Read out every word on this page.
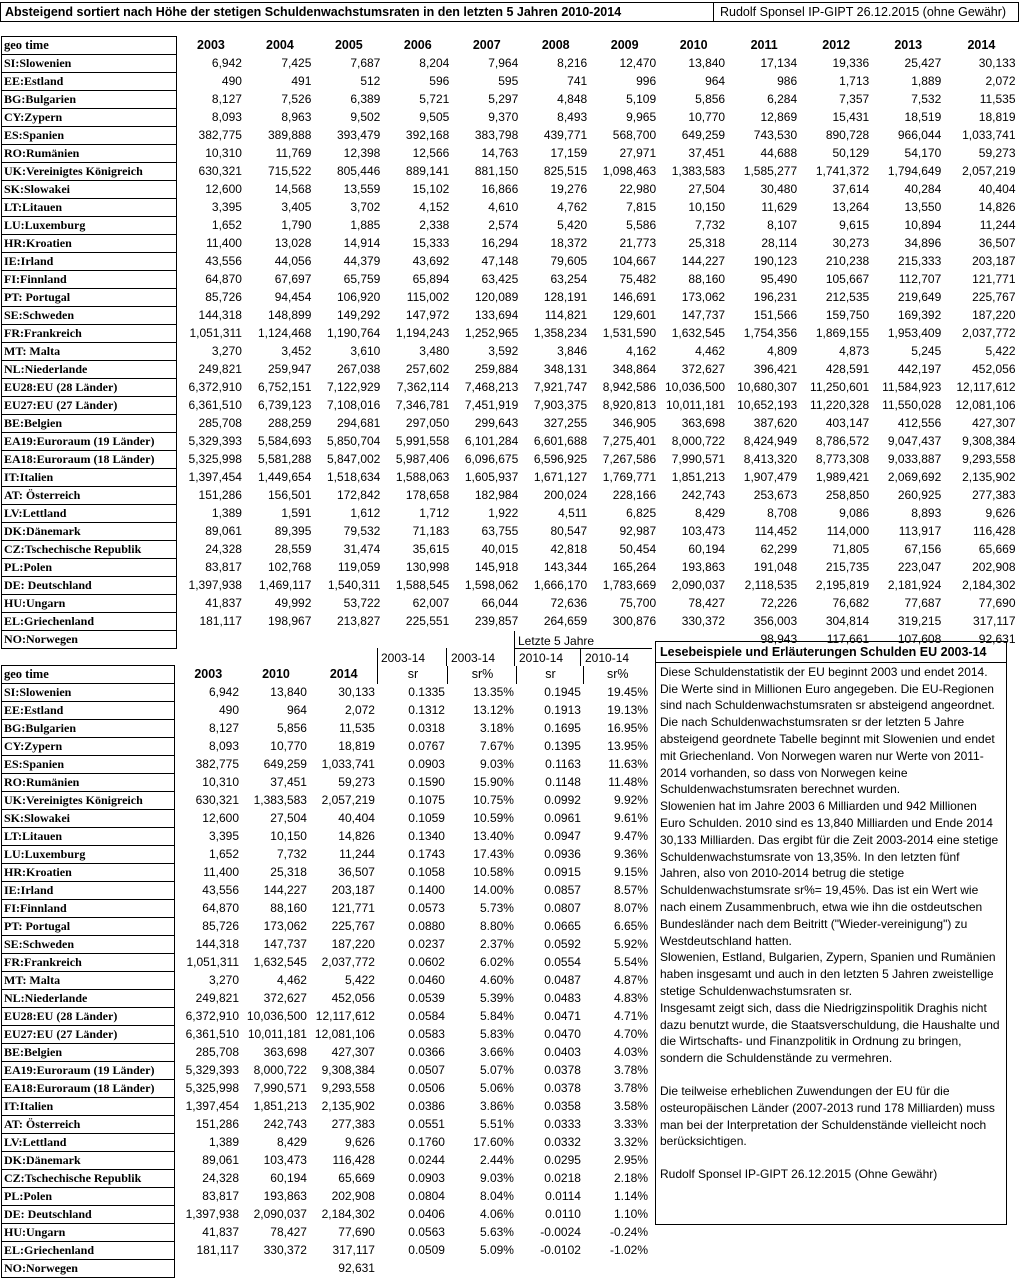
Absteigend sortiert nach Höhe der stetigen Schuldenwachstumsraten in den letzten 5 Jahren 2010-2014	Rudolf Sponsel IP-GIPT 26.12.2015 (ohne Gewähr)
geo time	2003	2004	2005	2006	2007	2008	2009	2010	2011	2012	2013	2014
SI:Slowenien	6,942	7,425	7,687	8,204	7,964	8,216	12,470	13,840	17,134	19,336	25,427	30,133
EE:Estland	490	491	512	596	595	741	996	964	986	1,713	1,889	2,072
BG:Bulgarien	8,127	7,526	6,389	5,721	5,297	4,848	5,109	5,856	6,284	7,357	7,532	11,535
CY:Zypern	8,093	8,963	9,502	9,505	9,370	8,493	9,965	10,770	12,869	15,431	18,519	18,819
ES:Spanien	382,775	389,888	393,479	392,168	383,798	439,771	568,700	649,259	743,530	890,728	966,044	1,033,741
RO:Rumänien	10,310	11,769	12,398	12,566	14,763	17,159	27,971	37,451	44,688	50,129	54,170	59,273
UK:Vereinigtes Königreich	630,321	715,522	805,446	889,141	881,150	825,515	1,098,463	1,383,583	1,585,277	1,741,372	1,794,649	2,057,219
SK:Slowakei	12,600	14,568	13,559	15,102	16,866	19,276	22,980	27,504	30,480	37,614	40,284	40,404
LT:Litauen	3,395	3,405	3,702	4,152	4,610	4,762	7,815	10,150	11,629	13,264	13,550	14,826
LU:Luxemburg	1,652	1,790	1,885	2,338	2,574	5,420	5,586	7,732	8,107	9,615	10,894	11,244
HR:Kroatien	11,400	13,028	14,914	15,333	16,294	18,372	21,773	25,318	28,114	30,273	34,896	36,507
IE:Irland	43,556	44,056	44,379	43,692	47,148	79,605	104,667	144,227	190,123	210,238	215,333	203,187
FI:Finnland	64,870	67,697	65,759	65,894	63,425	63,254	75,482	88,160	95,490	105,667	112,707	121,771
PT: Portugal	85,726	94,454	106,920	115,002	120,089	128,191	146,691	173,062	196,231	212,535	219,649	225,767
SE:Schweden	144,318	148,899	149,292	147,972	133,694	114,821	129,601	147,737	151,566	159,750	169,392	187,220
FR:Frankreich	1,051,311	1,124,468	1,190,764	1,194,243	1,252,965	1,358,234	1,531,590	1,632,545	1,754,356	1,869,155	1,953,409	2,037,772
MT: Malta	3,270	3,452	3,610	3,480	3,592	3,846	4,162	4,462	4,809	4,873	5,245	5,422
NL:Niederlande	249,821	259,947	267,038	257,602	259,884	348,131	348,864	372,627	396,421	428,591	442,197	452,056
EU28:EU (28 Länder)	6,372,910	6,752,151	7,122,929	7,362,114	7,468,213	7,921,747	8,942,586	10,036,500	10,680,307	11,250,601	11,584,923	12,117,612
EU27:EU (27 Länder)	6,361,510	6,739,123	7,108,016	7,346,781	7,451,919	7,903,375	8,920,813	10,011,181	10,652,193	11,220,328	11,550,028	12,081,106
BE:Belgien	285,708	288,259	294,681	297,050	299,643	327,255	346,905	363,698	387,620	403,147	412,556	427,307
EA19:Euroraum (19 Länder)	5,329,393	5,584,693	5,850,704	5,991,558	6,101,284	6,601,688	7,275,401	8,000,722	8,424,949	8,786,572	9,047,437	9,308,384
EA18:Euroraum (18 Länder)	5,325,998	5,581,288	5,847,002	5,987,406	6,096,675	6,596,925	7,267,586	7,990,571	8,413,320	8,773,308	9,033,887	9,293,558
IT:Italien	1,397,454	1,449,654	1,518,634	1,588,063	1,605,937	1,671,127	1,769,771	1,851,213	1,907,479	1,989,421	2,069,692	2,135,902
AT: Österreich	151,286	156,501	172,842	178,658	182,984	200,024	228,166	242,743	253,673	258,850	260,925	277,383
LV:Lettland	1,389	1,591	1,612	1,712	1,922	4,511	6,825	8,429	8,708	9,086	8,893	9,626
DK:Dänemark	89,061	89,395	79,532	71,183	63,755	80,547	92,987	103,473	114,452	114,000	113,917	116,428
CZ:Tschechische Republik	24,328	28,559	31,474	35,615	40,015	42,818	50,454	60,194	62,299	71,805	67,156	65,669
PL:Polen	83,817	102,768	119,059	130,998	145,918	143,344	165,264	193,863	191,048	215,735	223,047	202,908
DE: Deutschland	1,397,938	1,469,117	1,540,311	1,588,545	1,598,062	1,666,170	1,783,669	2,090,037	2,118,535	2,195,819	2,181,924	2,184,302
HU:Ungarn	41,837	49,992	53,722	62,007	66,044	72,636	75,700	78,427	72,226	76,682	77,687	77,690
EL:Griechenland	181,117	198,967	213,827	225,551	239,857	264,659	300,876	330,372	356,003	304,814	319,215	317,117
NO:Norwegen									98,943	117,661	107,608	92,631
Letzte 5 Jahre
2003-14 2003-14 2010-14 2010-14
geo time	2003	2010	2014	sr	sr%	sr	sr%
SI:Slowenien	6,942	13,840	30,133	0.1335	13.35%	0.1945	19.45%
EE:Estland	490	964	2,072	0.1312	13.12%	0.1913	19.13%
BG:Bulgarien	8,127	5,856	11,535	0.0318	3.18%	0.1695	16.95%
CY:Zypern	8,093	10,770	18,819	0.0767	7.67%	0.1395	13.95%
ES:Spanien	382,775	649,259	1,033,741	0.0903	9.03%	0.1163	11.63%
RO:Rumänien	10,310	37,451	59,273	0.1590	15.90%	0.1148	11.48%
UK:Vereinigtes Königreich	630,321	1,383,583	2,057,219	0.1075	10.75%	0.0992	9.92%
SK:Slowakei	12,600	27,504	40,404	0.1059	10.59%	0.0961	9.61%
LT:Litauen	3,395	10,150	14,826	0.1340	13.40%	0.0947	9.47%
LU:Luxemburg	1,652	7,732	11,244	0.1743	17.43%	0.0936	9.36%
HR:Kroatien	11,400	25,318	36,507	0.1058	10.58%	0.0915	9.15%
IE:Irland	43,556	144,227	203,187	0.1400	14.00%	0.0857	8.57%
FI:Finnland	64,870	88,160	121,771	0.0573	5.73%	0.0807	8.07%
PT: Portugal	85,726	173,062	225,767	0.0880	8.80%	0.0665	6.65%
SE:Schweden	144,318	147,737	187,220	0.0237	2.37%	0.0592	5.92%
FR:Frankreich	1,051,311	1,632,545	2,037,772	0.0602	6.02%	0.0554	5.54%
MT: Malta	3,270	4,462	5,422	0.0460	4.60%	0.0487	4.87%
NL:Niederlande	249,821	372,627	452,056	0.0539	5.39%	0.0483	4.83%
EU28:EU (28 Länder)	6,372,910	10,036,500	12,117,612	0.0584	5.84%	0.0471	4.71%
EU27:EU (27 Länder)	6,361,510	10,011,181	12,081,106	0.0583	5.83%	0.0470	4.70%
BE:Belgien	285,708	363,698	427,307	0.0366	3.66%	0.0403	4.03%
EA19:Euroraum (19 Länder)	5,329,393	8,000,722	9,308,384	0.0507	5.07%	0.0378	3.78%
EA18:Euroraum (18 Länder)	5,325,998	7,990,571	9,293,558	0.0506	5.06%	0.0378	3.78%
IT:Italien	1,397,454	1,851,213	2,135,902	0.0386	3.86%	0.0358	3.58%
AT: Österreich	151,286	242,743	277,383	0.0551	5.51%	0.0333	3.33%
LV:Lettland	1,389	8,429	9,626	0.1760	17.60%	0.0332	3.32%
DK:Dänemark	89,061	103,473	116,428	0.0244	2.44%	0.0295	2.95%
CZ:Tschechische Republik	24,328	60,194	65,669	0.0903	9.03%	0.0218	2.18%
PL:Polen	83,817	193,863	202,908	0.0804	8.04%	0.0114	1.14%
DE: Deutschland	1,397,938	2,090,037	2,184,302	0.0406	4.06%	0.0110	1.10%
HU:Ungarn	41,837	78,427	77,690	0.0563	5.63%	-0.0024	-0.24%
EL:Griechenland	181,117	330,372	317,117	0.0509	5.09%	-0.0102	-1.02%
NO:Norwegen			92,631				
Lesebeispiele und Erläuterungen Schulden EU 2003-14

Diese Schuldenstatistik der EU beginnt 2003 und endet 2014. Die Werte sind in Millionen Euro angegeben. Die EU-Regionen sind nach Schuldenwachstumsraten sr absteigend angeordnet.

Die nach Schuldenwachstumsraten sr der letzten 5 Jahre absteigend geordnete Tabelle beginnt mit Slowenien und endet mit Griechenland. Von Norwegen waren nur Werte von 2011-2014 vorhanden, so dass von Norwegen keine Schuldenwachstumsraten berechnet wurden.

Slowenien hat im Jahre 2003 6 Milliarden und 942 Millionen Euro Schulden. 2010 sind es 13,840 Milliarden und Ende 2014 30,133 Milliarden. Das ergibt für die Zeit 2003-2014 eine stetige Schuldenwachstumsrate von 13,35%. In den letzten fünf Jahren, also von 2010-2014 betrug die stetige Schuldenwachstumsrate sr%= 19,45%. Das ist ein Wert wie nach einem Zusammenbruch, etwa wie ihn die ostdeutschen Bundesländer nach dem Beitritt ("Wieder-vereinigung") zu Westdeutschland hatten.

Slowenien, Estland, Bulgarien, Zypern, Spanien und Rumänien haben insgesamt und auch in den letzten 5 Jahren zweistellige stetige Schuldenwachstumsraten sr.

Insgesamt zeigt sich, dass die Niedrigzinspolitik Draghis nicht dazu benutzt wurde, die Staatsverschuldung, die Haushalte und die Wirtschafts- und Finanzpolitik in Ordnung zu bringen, sondern die Schuldenstände zu vermehren.

Die teilweise erheblichen Zuwendungen der EU für die osteuropäischen Länder (2007-2013 rund 178 Milliarden) muss man bei der Interpretation der Schuldenstände vielleicht noch berücksichtigen.

Rudolf Sponsel IP-GIPT 26.12.2015 (Ohne Gewähr)
